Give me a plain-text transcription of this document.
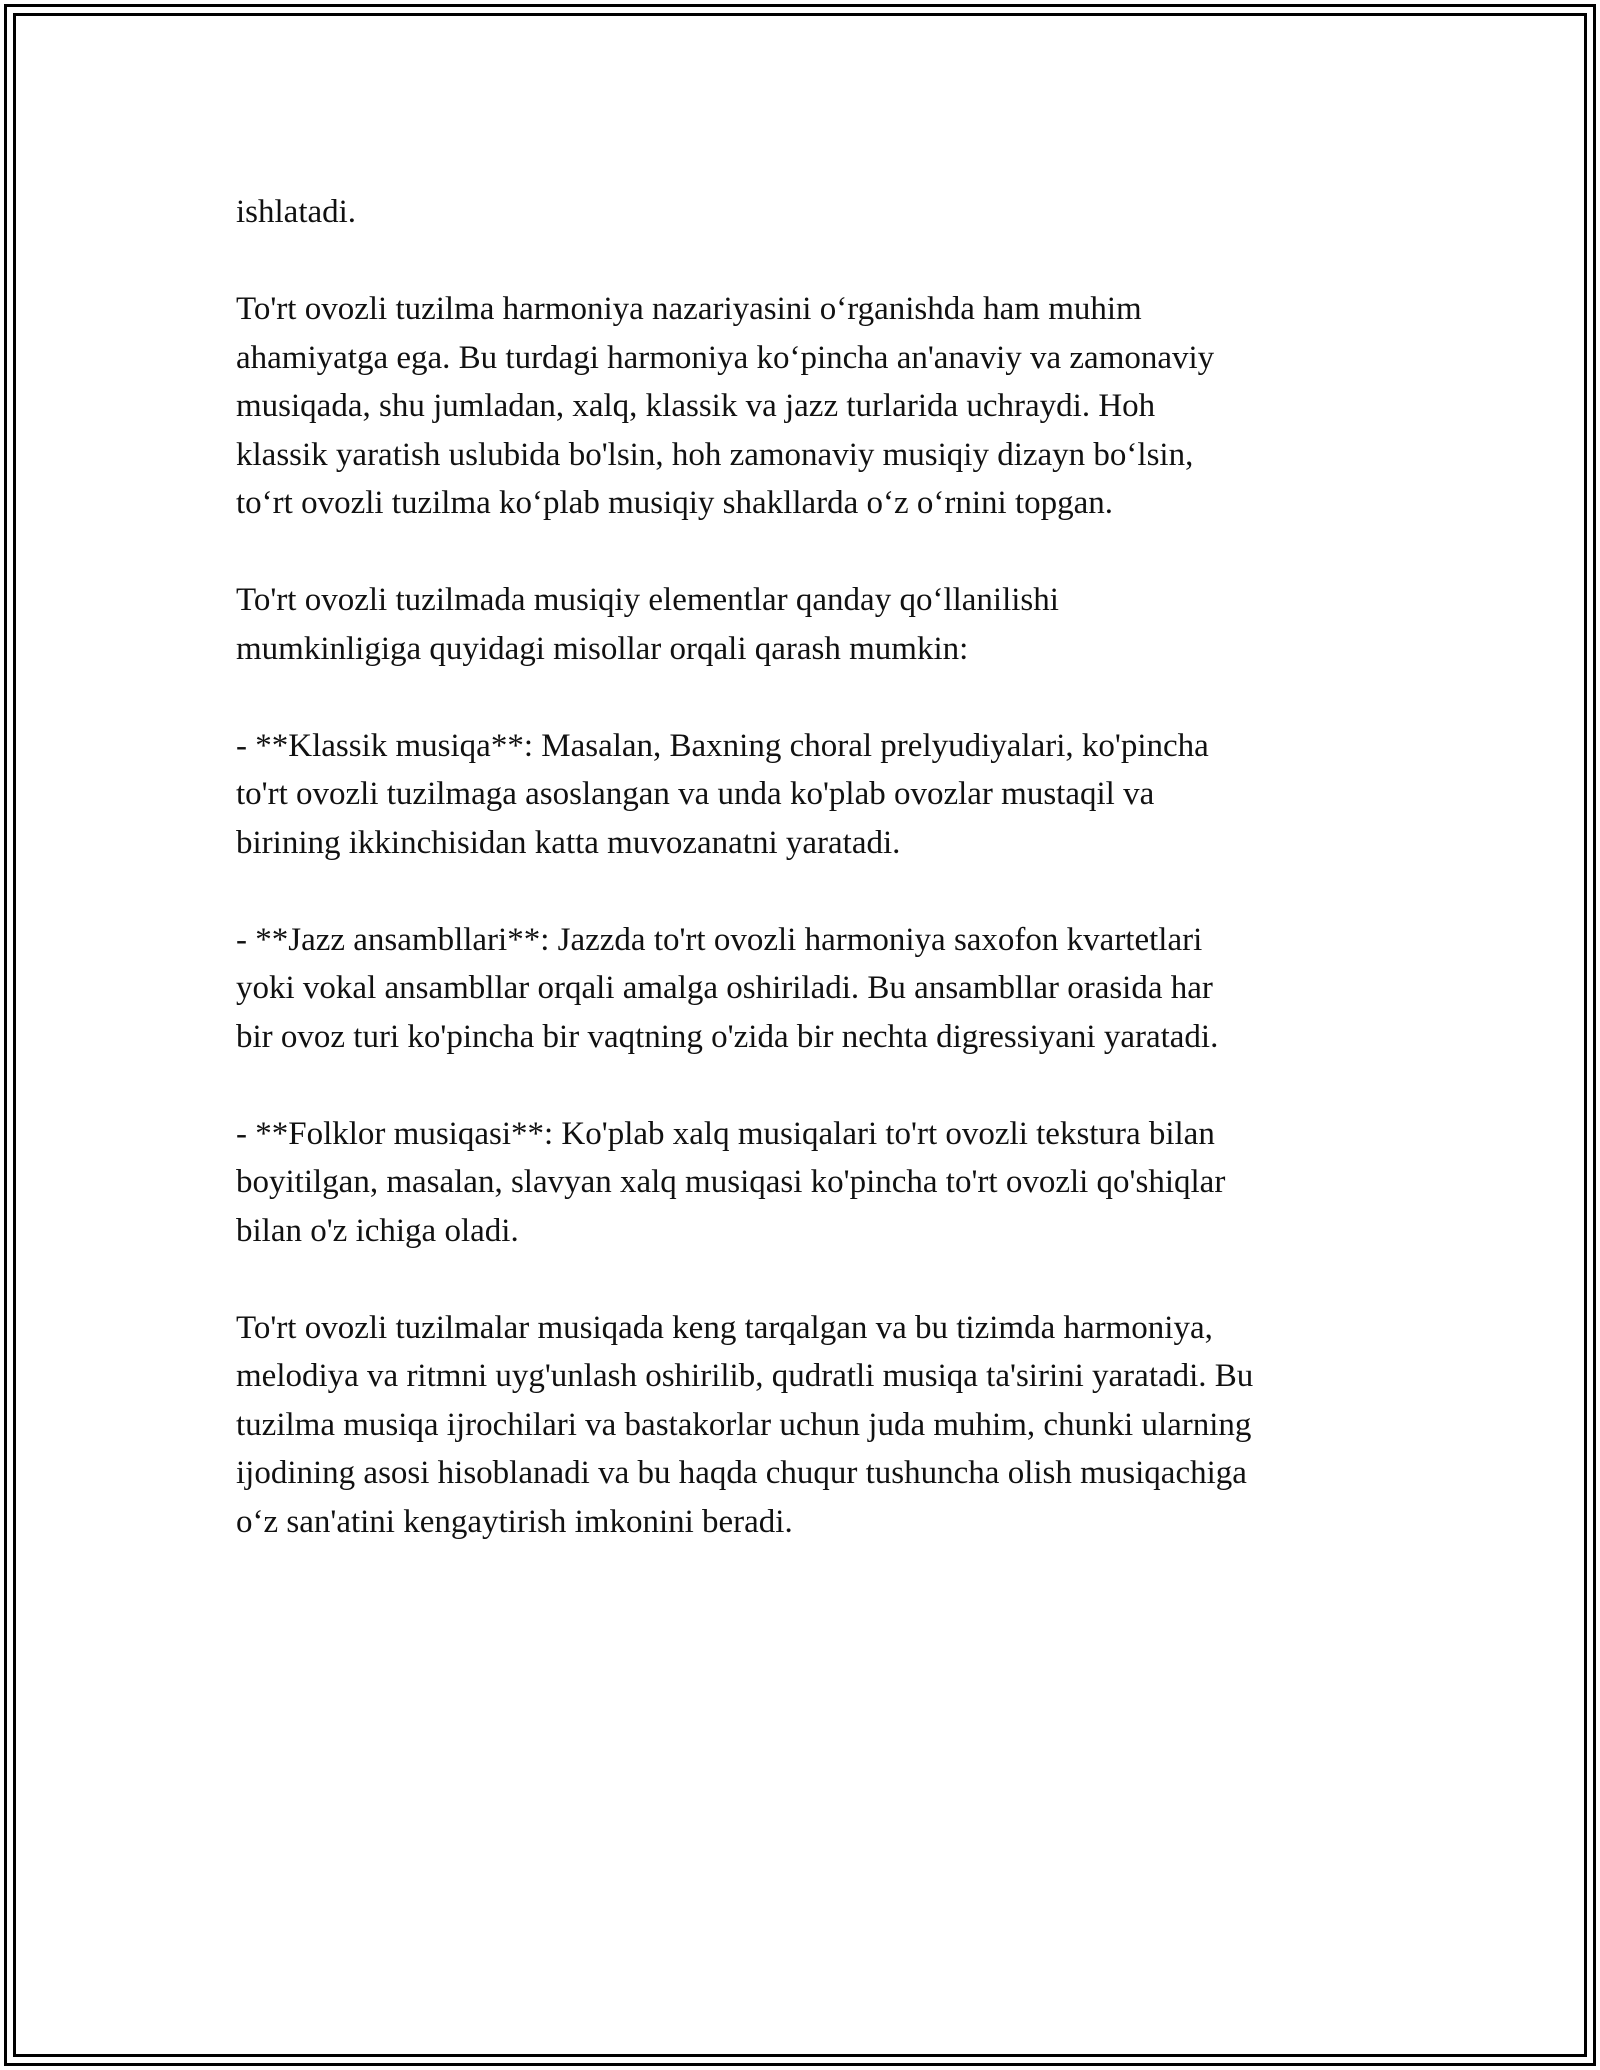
ishlatadi.

To'rt ovozli tuzilma harmoniya nazariyasini o‘rganishda ham muhim
ahamiyatga ega. Bu turdagi harmoniya ko‘pincha an'anaviy va zamonaviy
musiqada, shu jumladan, xalq, klassik va jazz turlarida uchraydi. Hoh
klassik yaratish uslubida bo'lsin, hoh zamonaviy musiqiy dizayn bo‘lsin,
to‘rt ovozli tuzilma ko‘plab musiqiy shakllarda o‘z o‘rnini topgan.

To'rt ovozli tuzilmada musiqiy elementlar qanday qo‘llanilishi
mumkinligiga quyidagi misollar orqali qarash mumkin:

- **Klassik musiqa**: Masalan, Baxning choral prelyudiyalari, ko'pincha
to'rt ovozli tuzilmaga asoslangan va unda ko'plab ovozlar mustaqil va
birining ikkinchisidan katta muvozanatni yaratadi.

- **Jazz ansambllari**: Jazzda to'rt ovozli harmoniya saxofon kvartetlari
yoki vokal ansambllar orqali amalga oshiriladi. Bu ansambllar orasida har
bir ovoz turi ko'pincha bir vaqtning o'zida bir nechta digressiyani yaratadi.

- **Folklor musiqasi**: Ko'plab xalq musiqalari to'rt ovozli tekstura bilan
boyitilgan, masalan, slavyan xalq musiqasi ko'pincha to'rt ovozli qo'shiqlar
bilan o'z ichiga oladi.

To'rt ovozli tuzilmalar musiqada keng tarqalgan va bu tizimda harmoniya,
melodiya va ritmni uyg'unlash oshirilib, qudratli musiqa ta'sirini yaratadi. Bu
tuzilma musiqa ijrochilari va bastakorlar uchun juda muhim, chunki ularning
ijodining asosi hisoblanadi va bu haqda chuqur tushuncha olish musiqachiga
o‘z san'atini kengaytirish imkonini beradi.
